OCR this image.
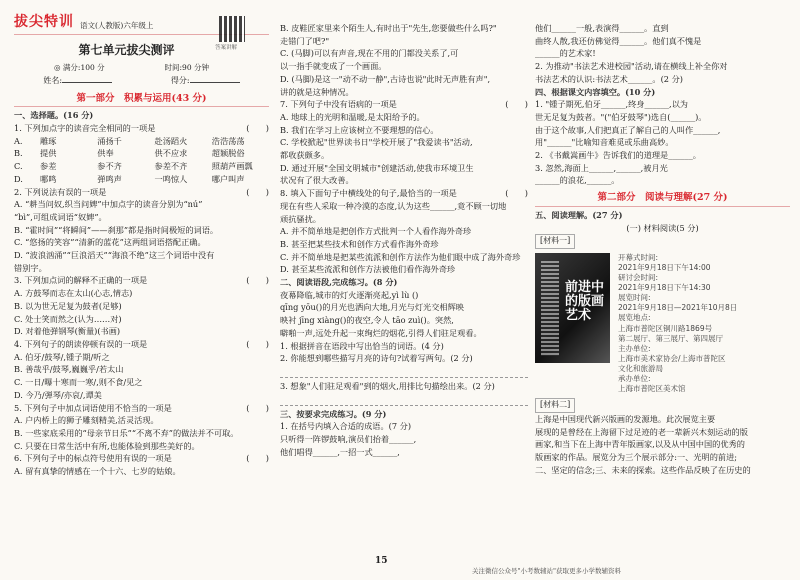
拔尖特训 语文(人教版)六年级上
答案讲解
第七单元拔尖测评
◎ 满分:100 分	时间:90 分钟
姓名:	得分:
第一部分　积累与运用(43 分)
一、选择题。(16 分)
1. 下列加点字的读音完全相同的一项是	(　　)
A.	雕琢	涌扬千	赴汤蹈火	浩浩荡荡
B.	提供	供奉	供不应求	超颖脱俗
C.	参差	参不齐	参差不齐	照葫芦画瓢
D.	哪鸣	弹鸣声	一鸣惊人	哪户叫声
2. 下列说法有误的一项是	(　　)
A. “耕当问奴,织当问婢”中加点字的读音分别为“nú”
“bì”,可组成词语“奴婢”。
B. “霍时间”“将瞬间”——刹那”都是指时间极短的词语。
C. “悠扬的笑容”“清新的蓝花”这两组词语搭配正确。
D. “波浪汹涌”“巨浪滔天”“海浪不绝”这三个词语中没有
错别字。
3. 下列加点词的解释不正确的一项是	(　　)
A. 方鼓琴而志在太山(心志,情志)
B. 以为世无足复为鼓者(足够)
C. 处士笑而然之(认为……对)
D. 对着他弹钢琴(衡量)(书画)
4. 下列句子的朗读停顿有误的一项是	(　　)
A. 伯牙/鼓琴/,锺子期/听之
B. 善哉乎/鼓琴,巍巍乎/若太山
C. 一日/曝十寒而一寒/,则不食/见之
D. 今乃/弹琴/亦哀/,谭美
5. 下列句子中加点词语使用不恰当的一项是	(　　)
A. 户内桥上的狮子雕刻精美,活灵活现。
B. 一些家底采用的“母亲节日乐”“不离不弃”的做法并不可取。
C. 只要在日常生活中有所,也能体验到那些美好的。
6. 下列句子中的标点符号使用有误的一项是	(　　)
A. 留有真挚的情感在一个十六、七岁的姑娘。
B. 皮鞋匠家里来个陌生人,有时出于"先生,您要做些什么吗?"
走错门了吧?"
C. (马脚)可以有声音,现在不用的门都没关系了,可
以一指手就变成了一个画面。
D. (马脚)是这一"动不动一静",古诗也说"此时无声胜有声",
讲的就是这种情况。
7. 下列句子中没有语病的一项是	(　　)
A. 地球上的光明和温暖,是太阳给予的。
B. 我们在学习上应该树立不要理想的信心。
C. 学校掀起"世界读书日"学校开展了"我爱读书"活动,
都收获颇多。
D. 通过开展"全国文明城市"创建活动,使我市环境卫生
状况有了很大改善。
8. 填入下面句子中横线处的句子,最恰当的一项是	(　　)
现在有些人采取一种冷漠的态度,认为这些______,竟不顾一切地
顽抗骚扰。
A. 并不简单地是把创作方式批判一个人看作海外奇珍
B. 甚至把某些技术和创作方式看作海外奇珍
C. 并不简单地是把某些流派和创作方法作为他们眼中成了海外奇珍
D. 甚至某些流派和创作方法被他们看作海外奇珍
二、阅读语段,完成练习。(8 分)
夜幕降临,城市的灯火逐渐亮起,yì lù ()
qīng yōu()的月光也洒向大地,月光与灯光交相辉映
映衬 jīng xiàng()的夜空,令人 tāo zuì()。突然,
噼啪一声,远处升起一束绚烂的烟花,引得人们驻足观看。
1. 根据拼音在语段中写出恰当的词语。(4 分)
2. 你能想到哪些描写月亮的诗句?试着写两句。(2 分)
3. 想象"人们驻足观看"到的烟火,用排比句描绘出来。(2 分)
三、按要求完成练习。(9 分)
1. 在括号内填入合适的成语。(7 分)
只听得一阵锣鼓响,演员们抬着______,
他们唱得______,一招一式______,
他们______一般,表演得______。直到
曲终人散,我还仿佛觉得______。他们真不愧是
______的艺术家!
2. 为推动"书法艺术进校园"活动,请在横线上补全你对
书法艺术的认识:书法艺术______。(2 分)
四、根据课文内容填空。(10 分)
1. "锺子期死,伯牙______,终身______,以为
世无足复为鼓者。"("伯牙鼓琴")选自(______)。
由于这个故事,人们把真正了解自己的人叫作______,
用"______"比喻知音难觅或乐曲高妙。
2. 《书戴嵩画牛》告诉我们的道理是______。
3. 忽然,海面上______,______,被月光
______的浪花,______。
第二部分　阅读与理解(27 分)
五、阅读理解。(27 分)
(一) 材料阅读(5 分)
[材料一]
前进中的版画艺术
开幕式时间:
2021年9月18日下午14:00
研讨会时间:
2021年9月18日下午14:30
展览时间:
2021年9月18日—2021年10月8日
展览地点:
上海市普陀区铜川路1869号
第二展厅、第三展厅、第四展厅
主办单位:
上海市美术家协会/上海市普陀区
文化和旅游局
承办单位:
上海市普陀区美术馆
[材料二]
上海是中国现代新兴版画的发源地。此次展览主要
展现的是曾经在上海留下过足迹的老一辈新兴木刻运动的版
画家,和当下在上海中青年版画家,以及从中国中国的优秀的
版画家的作品。展览分为三个展示部分:一、光明的前进;
二、坚定的信念;三、未来的探索。这些作品反映了在历史的
15
关注微信公众号"小考数辅站"获取更多小学数辅资料
